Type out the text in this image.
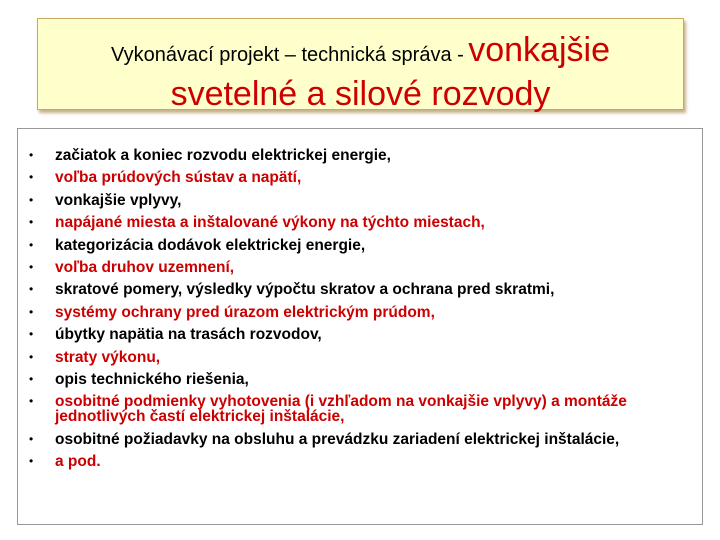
Vykonávací projekt – technická správa - vonkajšie
svetelné a silové rozvody
• začiatok a koniec rozvodu elektrickej energie,
• voľba prúdových sústav a napätí,
• vonkajšie vplyvy,
• napájané miesta a inštalované výkony na týchto miestach,
• kategorizácia dodávok elektrickej energie,
• voľba druhov uzemnení,
• skratové pomery, výsledky výpočtu skratov a ochrana pred skratmi,
• systémy ochrany pred úrazom elektrickým prúdom,
• úbytky napätia na trasách rozvodov,
• straty výkonu,
• opis technického riešenia,
• osobitné podmienky vyhotovenia (i vzhľadom na vonkajšie vplyvy) a montáže jednotlivých častí elektrickej inštalácie,
• osobitné požiadavky na obsluhu a prevádzku zariadení elektrickej inštalácie,
• a pod.
